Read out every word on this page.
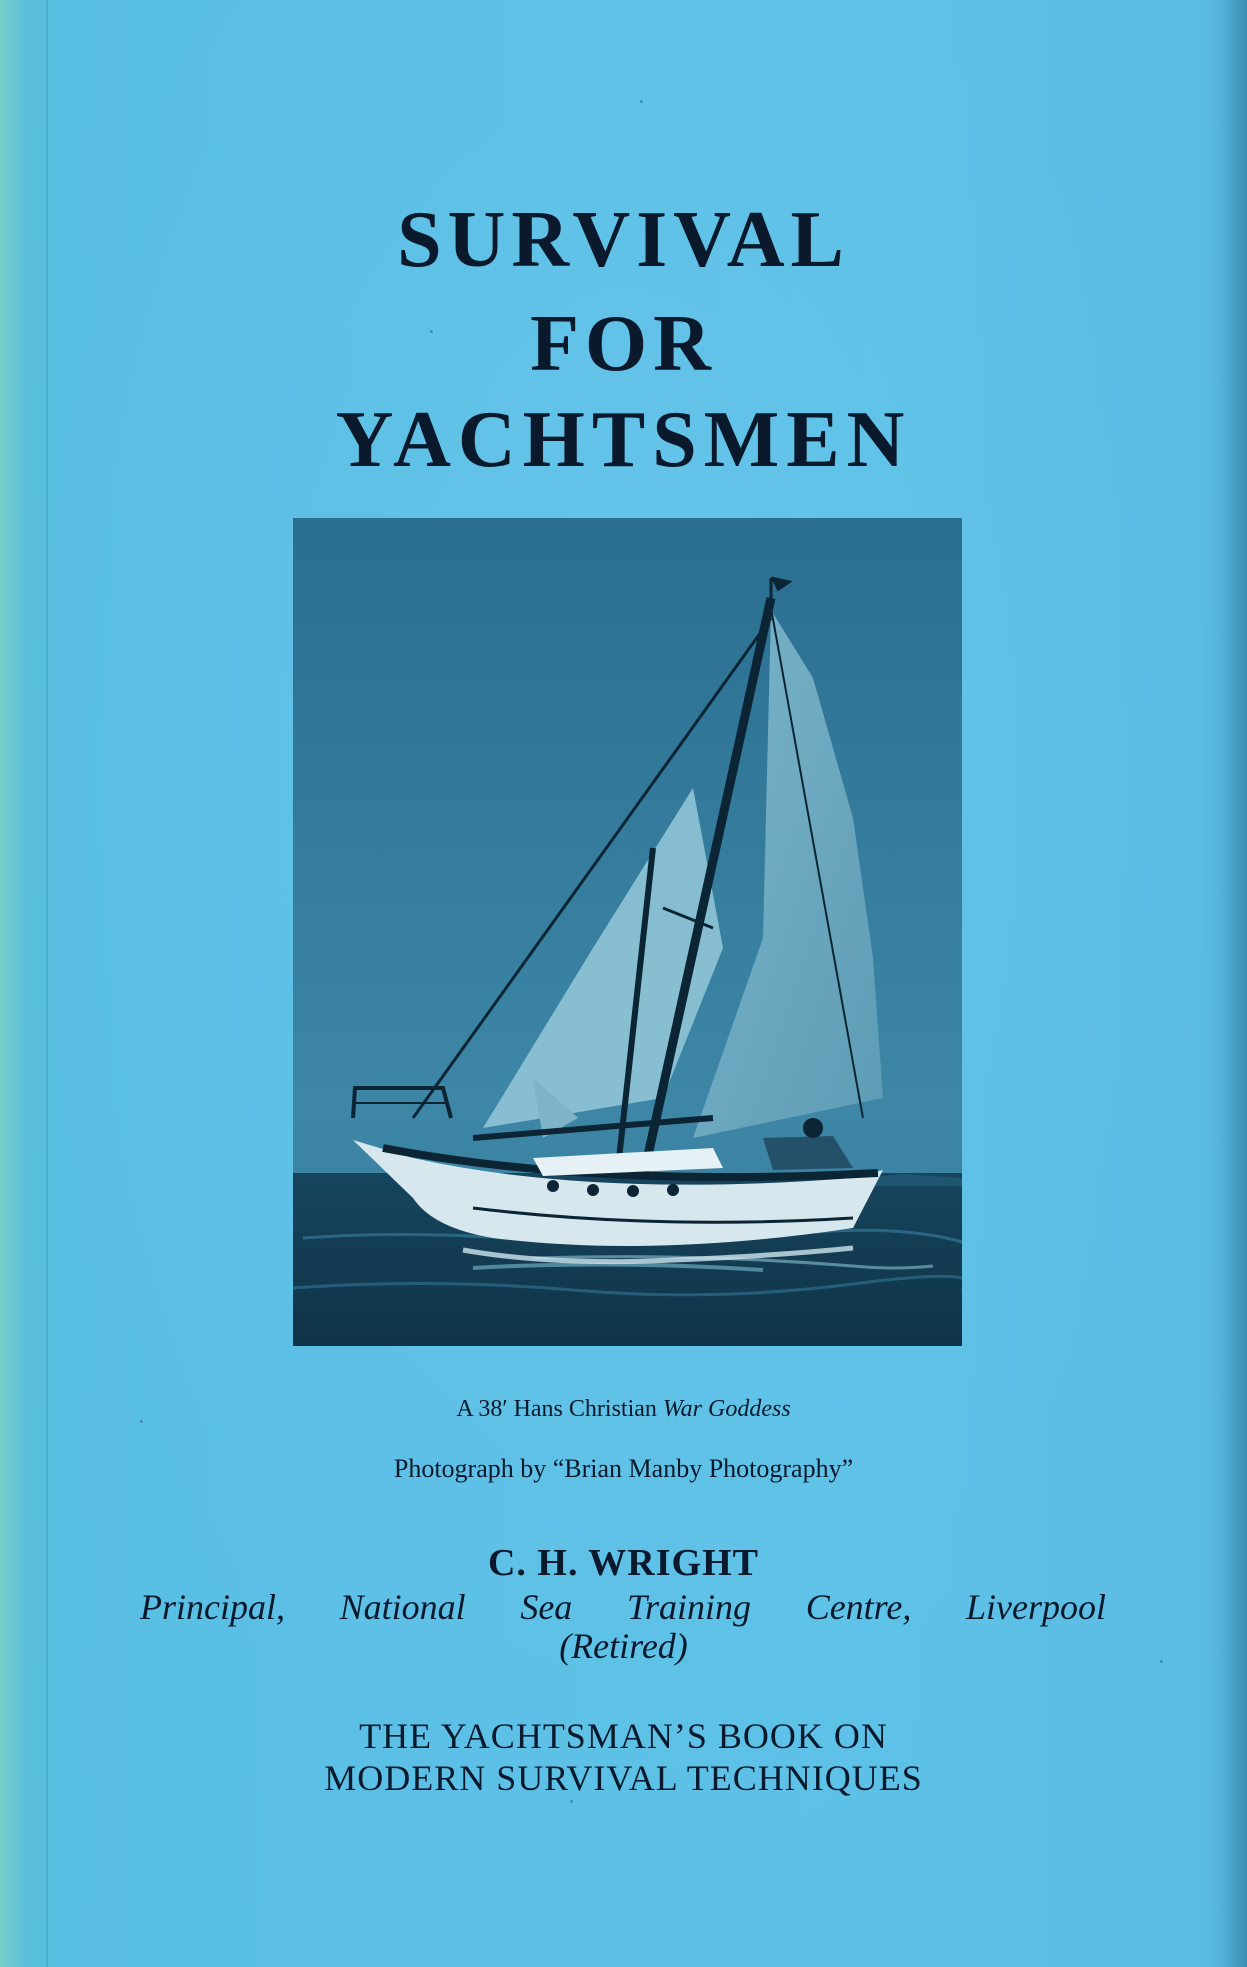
SURVIVAL
FOR
YACHTSMEN
A 38′ Hans Christian War Goddess
Photograph by “Brian Manby Photography”
C. H. WRIGHT
Principal, National Sea Training Centre, Liverpool
(Retired)
THE YACHTSMAN’S BOOK ON
MODERN SURVIVAL TECHNIQUES
